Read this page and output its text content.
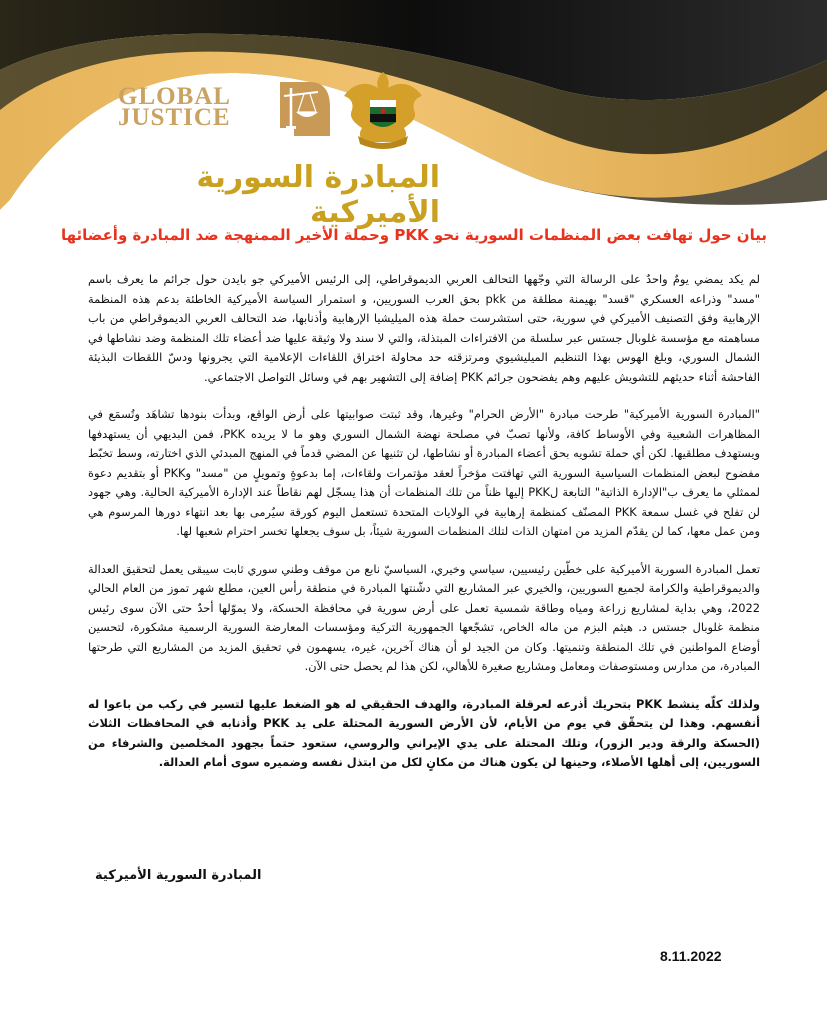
GLOBAL
JUSTICE
المبادرة السورية الأميركية
بيان حول تهافت بعض المنظمات السورية نحو PKK وحملة الأخير الممنهجة ضد المبادرة وأعضائها

لم يكد يمضي يومٌ واحدٌ على الرسالة التي وجّهها التحالف العربي الديموقراطي، إلى الرئيس الأميركي جو بايدن حول جرائم ما يعرف باسم "مسد" وذراعه العسكري "قسد" بهيمنة مطلقة من pkk بحق العرب السوريين، و استمرار السياسة الأميركية الخاطئة بدعم هذه المنظمة الإرهابية وفق التصنيف الأميركي في سورية، حتى استشرست حملة هذه الميليشيا الإرهابية وأذنابها، ضد التحالف العربي الديموقراطي من باب مساهمته مع مؤسسة غلوبال جستس عبر سلسلة من الافتراءات المبتذلة، والتي لا سند ولا وثيقة عليها ضد أعضاء تلك المنظمة وضد نشاطها في الشمال السوري، وبلغ الهوس بهذا التنظيم الميليشيوي ومرتزقته حد محاولة اختراق اللقاءات الإعلامية التي يجرونها ودسّ اللقطات البذيئة الفاحشة أثناء حديثهم للتشويش عليهم وهم يفضحون جرائم PKK إضافة إلى التشهير بهم في وسائل التواصل الاجتماعي.

"المبادرة السورية الأميركية" طرحت مبادرة "الأرض الحرام" وغيرها، وقد ثبتت صوابيتها على أرض الواقع، وبدأت بنودها تشاهَد وتُسمَع في المظاهرات الشعبية وفي الأوساط كافة، ولأنها تصبّ في مصلحة نهضة الشمال السوري وهو ما لا يريده PKK، فمن البديهي أن يستهدفها ويستهدف مطلقيها. لكن أي حملة تشويه بحق أعضاء المبادرة أو نشاطها، لن تثنيها عن المضي قدماً في المنهج المبدئي الذي اختارته، وسط تخبّط مفضوح لبعض المنظمات السياسية السورية التي تهافتت مؤخراً لعقد مؤتمرات ولقاءات، إما بدعوةٍ وتمويلٍ من "مسد" وPKK أو بتقديم دعوة لممثلي ما يعرف ب"الإدارة الذاتية" التابعة لPKK إليها ظناً من تلك المنظمات أن هذا يسجّل لهم نقاطاً عند الإدارة الأميركية الحالية. وهي جهود لن تفلح في غسل سمعة PKK المصنّف كمنظمة إرهابية في الولايات المتحدة تستعمل اليوم كورقة سيُرمى بها بعد انتهاء دورها المرسوم هي ومن عمل معها، كما لن يقدّم المزيد من امتهان الذات لتلك المنظمات السورية شيئاً، بل سوف يجعلها تخسر احترام شعبها لها.

تعمل المبادرة السورية الأميركية على خطّين رئيسيين، سياسي وخيري، السياسيّ نابع من موقف وطني سوري ثابت سيبقى يعمل لتحقيق العدالة والديموقراطية والكرامة لجميع السوريين، والخيري عبر المشاريع التي دشّنتها المبادرة في منطقة رأس العين، مطلع شهر تموز من العام الحالي 2022، وهي بداية لمشاريع زراعة ومياه وطاقة شمسية تعمل على أرض سورية في محافظة الحسكة، ولا يموّلها أحدٌ حتى الآن سوى رئيس منظمة غلوبال جستس د. هيثم البزم من ماله الخاص، تشجّعها الجمهورية التركية ومؤسسات المعارضة السورية الرسمية مشكورة، لتحسين أوضاع المواطنين في تلك المنطقة وتنميتها. وكان من الجيد لو أن هناك آخرين، غيره، يسهمون في تحقيق المزيد من المشاريع التي طرحتها المبادرة، من مدارس ومستوصفات ومعامل ومشاريع صغيرة للأهالي، لكن هذا لم يحصل حتى الآن.

ولذلك كلّه ينشط PKK بتحريك أذرعه لعرقلة المبادرة، والهدف الحقيقي له هو الضغط عليها لتسير في ركب من باعوا له أنفسهم. وهذا لن يتحقّق في يوم من الأيام، لأن الأرض السورية المحتلة على يد PKK وأذنابه في المحافظات الثلاث (الحسكة والرقة ودير الزور)، وتلك المحتلة على يدي الإيراني والروسي، ستعود حتماً بجهود المخلصين والشرفاء من السوريين، إلى أهلها الأصلاء، وحينها لن يكون هناك من مكانٍ لكل من ابتذل نفسه وضميره سوى أمام العدالة.

المبادرة السورية الأميركية
8.11.2022
